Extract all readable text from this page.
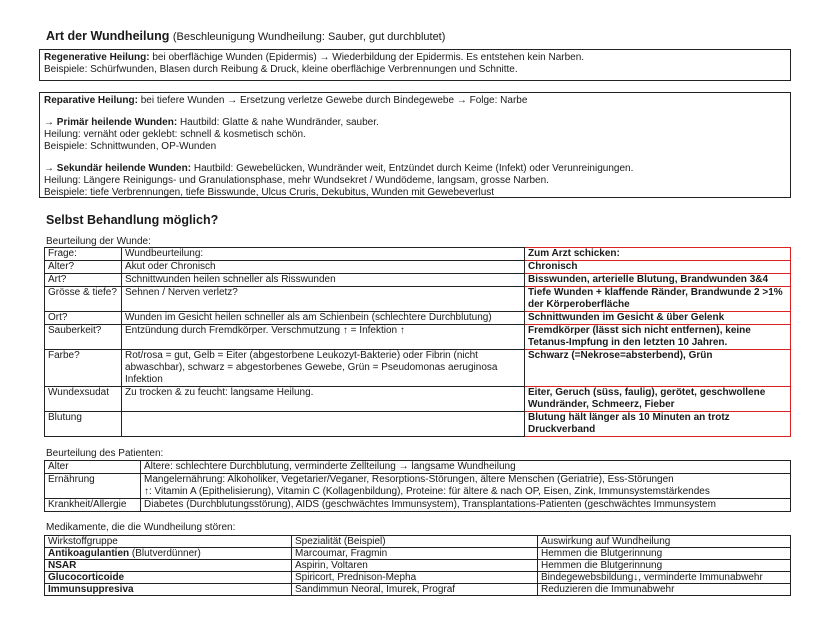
Art der Wundheilung (Beschleunigung Wundheilung: Sauber, gut durchblutet)

Regenerative Heilung: bei oberflächige Wunden (Epidermis) → Wiederbildung der Epidermis. Es entstehen kein Narben.

Beispiele: Schürfwunden, Blasen durch Reibung & Druck, kleine oberflächige Verbrennungen und Schnitte.

Reparative Heilung: bei tiefere Wunden → Ersetzung verletze Gewebe durch Bindegewebe → Folge: Narbe

→ Primär heilende Wunden: Hautbild: Glatte & nahe Wundränder, sauber.

Heilung: vernäht oder geklebt: schnell & kosmetisch schön.

Beispiele: Schnittwunden, OP-Wunden

→ Sekundär heilende Wunden: Hautbild: Gewebelücken, Wundränder weit, Entzündet durch Keime (Infekt) oder Verunreinigungen.

Heilung: Längere Reinigungs- und Granulationsphase, mehr Wundsekret / Wundödeme, langsam, grosse Narben.

Beispiele: tiefe Verbrennungen, tiefe Bisswunde, Ulcus Cruris, Dekubitus, Wunden mit Gewebeverlust

Selbst Behandlung möglich?
Beurteilung der Wunde:
Frage:	Wundbeurteilung:	Zum Arzt schicken:
Alter?	Akut oder Chronisch	Chronisch
Art?	Schnittwunden heilen schneller als Risswunden	Bisswunden, arterielle Blutung, Brandwunden 3&4
Grösse & tiefe?	Sehnen / Nerven verletz?	Tiefe Wunden + klaffende Ränder, Brandwunde 2 >1% der Körperoberfläche
Ort?	Wunden im Gesicht heilen schneller als am Schienbein (schlechtere Durchblutung)	Schnittwunden im Gesicht & über Gelenk
Sauberkeit?	Entzündung durch Fremdkörper. Verschmutzung ↑ = Infektion ↑	Fremdkörper (lässt sich nicht entfernen), keine Tetanus-Impfung in den letzten 10 Jahren.
Farbe?	Rot/rosa = gut, Gelb = Eiter (abgestorbene Leukozyt-Bakterie) oder Fibrin (nicht abwaschbar), schwarz = abgestorbenes Gewebe, Grün = Pseudomonas aeruginosa Infektion	Schwarz (=Nekrose=absterbend), Grün
Wundexsudat	Zu trocken & zu feucht: langsame Heilung.	Eiter, Geruch (süss, faulig), gerötet, geschwollene Wundränder, Schmeerz, Fieber
Blutung		Blutung hält länger als 10 Minuten an trotz Druckverband
Beurteilung des Patienten:
Alter	Ältere: schlechtere Durchblutung, verminderte Zellteilung → langsame Wundheilung
Ernährung	Mangelernährung: Alkoholiker, Vegetarier/Veganer, Resorptions-Störungen, ältere Menschen (Geriatrie), Ess-Störungen
↑: Vitamin A (Epithelisierung), Vitamin C (Kollagenbildung), Proteine: für ältere & nach OP, Eisen, Zink, Immunsystemstärkendes

Krankheit/Allergie	Diabetes (Durchblutungsstörung), AIDS (geschwächtes Immunsystem), Transplantations-Patienten (geschwächtes Immunsystem
Medikamente, die die Wundheilung stören:
Wirkstoffgruppe	Spezialität (Beispiel)	Auswirkung auf Wundheilung
Antikoagulantien (Blutverdünner)	Marcoumar, Fragmin	Hemmen die Blutgerinnung
NSAR	Aspirin, Voltaren	Hemmen die Blutgerinnung
Glucocorticoide	Spiricort, Prednison-Mepha	Bindegewebsbildung↓, verminderte Immunabwehr
Immunsuppresiva	Sandimmun Neoral, Imurek, Prograf	Reduzieren die Immunabwehr
